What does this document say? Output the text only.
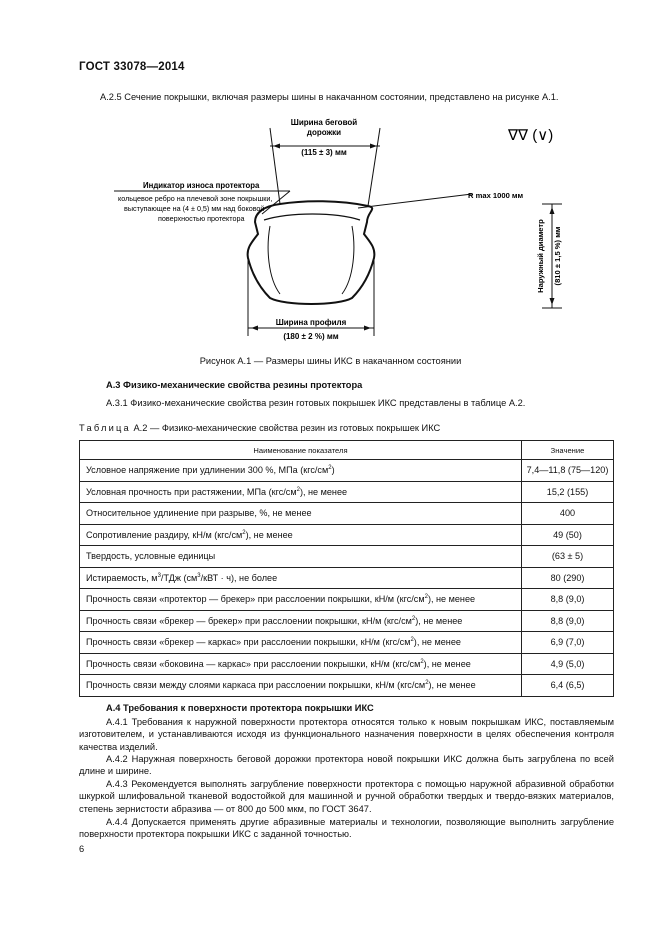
ГОСТ 33078—2014
А.2.5 Сечение покрышки, включая размеры шины в накачанном состоянии, представлено на рисунке А.1.
Ширина беговой
дорожки
(115 ± 3) мм
∇∇ (∨)
Индикатор износа протектора
кольцевое ребро на плечевой зоне покрышки,
выступающее на (4 ± 0,5) мм над боковой
поверхностью протектора
R max 1000 мм
Наружный диаметр (810 ± 1,5 %) мм
Ширина профиля
(180 ± 2 %) мм
Рисунок А.1 — Размеры шины ИКС в накачанном состоянии
А.3 Физико-механические свойства резины протектора
А.3.1 Физико-механические свойства резин готовых покрышек ИКС представлены в таблице А.2.
Таблица А.2 — Физико-механические свойства резин из готовых покрышек ИКС
Наименование показателя	Значение
Условное напряжение при удлинении 300 %, МПа $(кгс/см^2)$	7,4—11,8 (75—120)
Условная прочность при растяжении, МПа $(кгс/см^2)$, не менее	15,2 (155)
Относительное удлинение при разрыве, %, не менее	400
Сопротивление раздиру, кН/м $(кгс/см^2)$, не менее	49 (50)
Твердость, условные единицы	(63 ± 5)
Истираемость, $м^3$/ТДж ($см^3$/кВТ · ч), не более	80 (290)
Прочность связи «протектор — брекер» при расслоении покрышки, кН/м $(кгс/см^2)$, не менее	8,8 (9,0)
Прочность связи «брекер — брекер» при расслоении покрышки, кН/м $(кгс/см^2)$, не менее	8,8 (9,0)
Прочность связи «брекер — каркас» при расслоении покрышки, кН/м $(кгс/см^2)$, не менее	6,9 (7,0)
Прочность связи «боковина — каркас» при расслоении покрышки, кН/м $(кгс/см^2)$, не менее	4,9 (5,0)
Прочность связи между слоями каркаса при расслоении покрышки, кН/м $(кгс/см^2)$, не менее	6,4 (6,5)
А.4 Требования к поверхности протектора покрышки ИКС
А.4.1 Требования к наружной поверхности протектора относятся только к новым покрышкам ИКС, поставляемым изготовителем, и устанавливаются исходя из функционального назначения поверхности в целях обеспечения контроля качества изделий.
А.4.2 Наружная поверхность беговой дорожки протектора новой покрышки ИКС должна быть загрублена по всей длине и ширине.
А.4.3 Рекомендуется выполнять загрубление поверхности протектора с помощью наружной абразивной обработки шкуркой шлифовальной тканевой водостойкой для машинной и ручной обработки твердых и твердо-вязких материалов, степень зернистости абразива — от 800 до 500 мкм, по ГОСТ 3647.
А.4.4 Допускается применять другие абразивные материалы и технологии, позволяющие выполнить загрубление поверхности протектора покрышки ИКС с заданной точностью.
6
